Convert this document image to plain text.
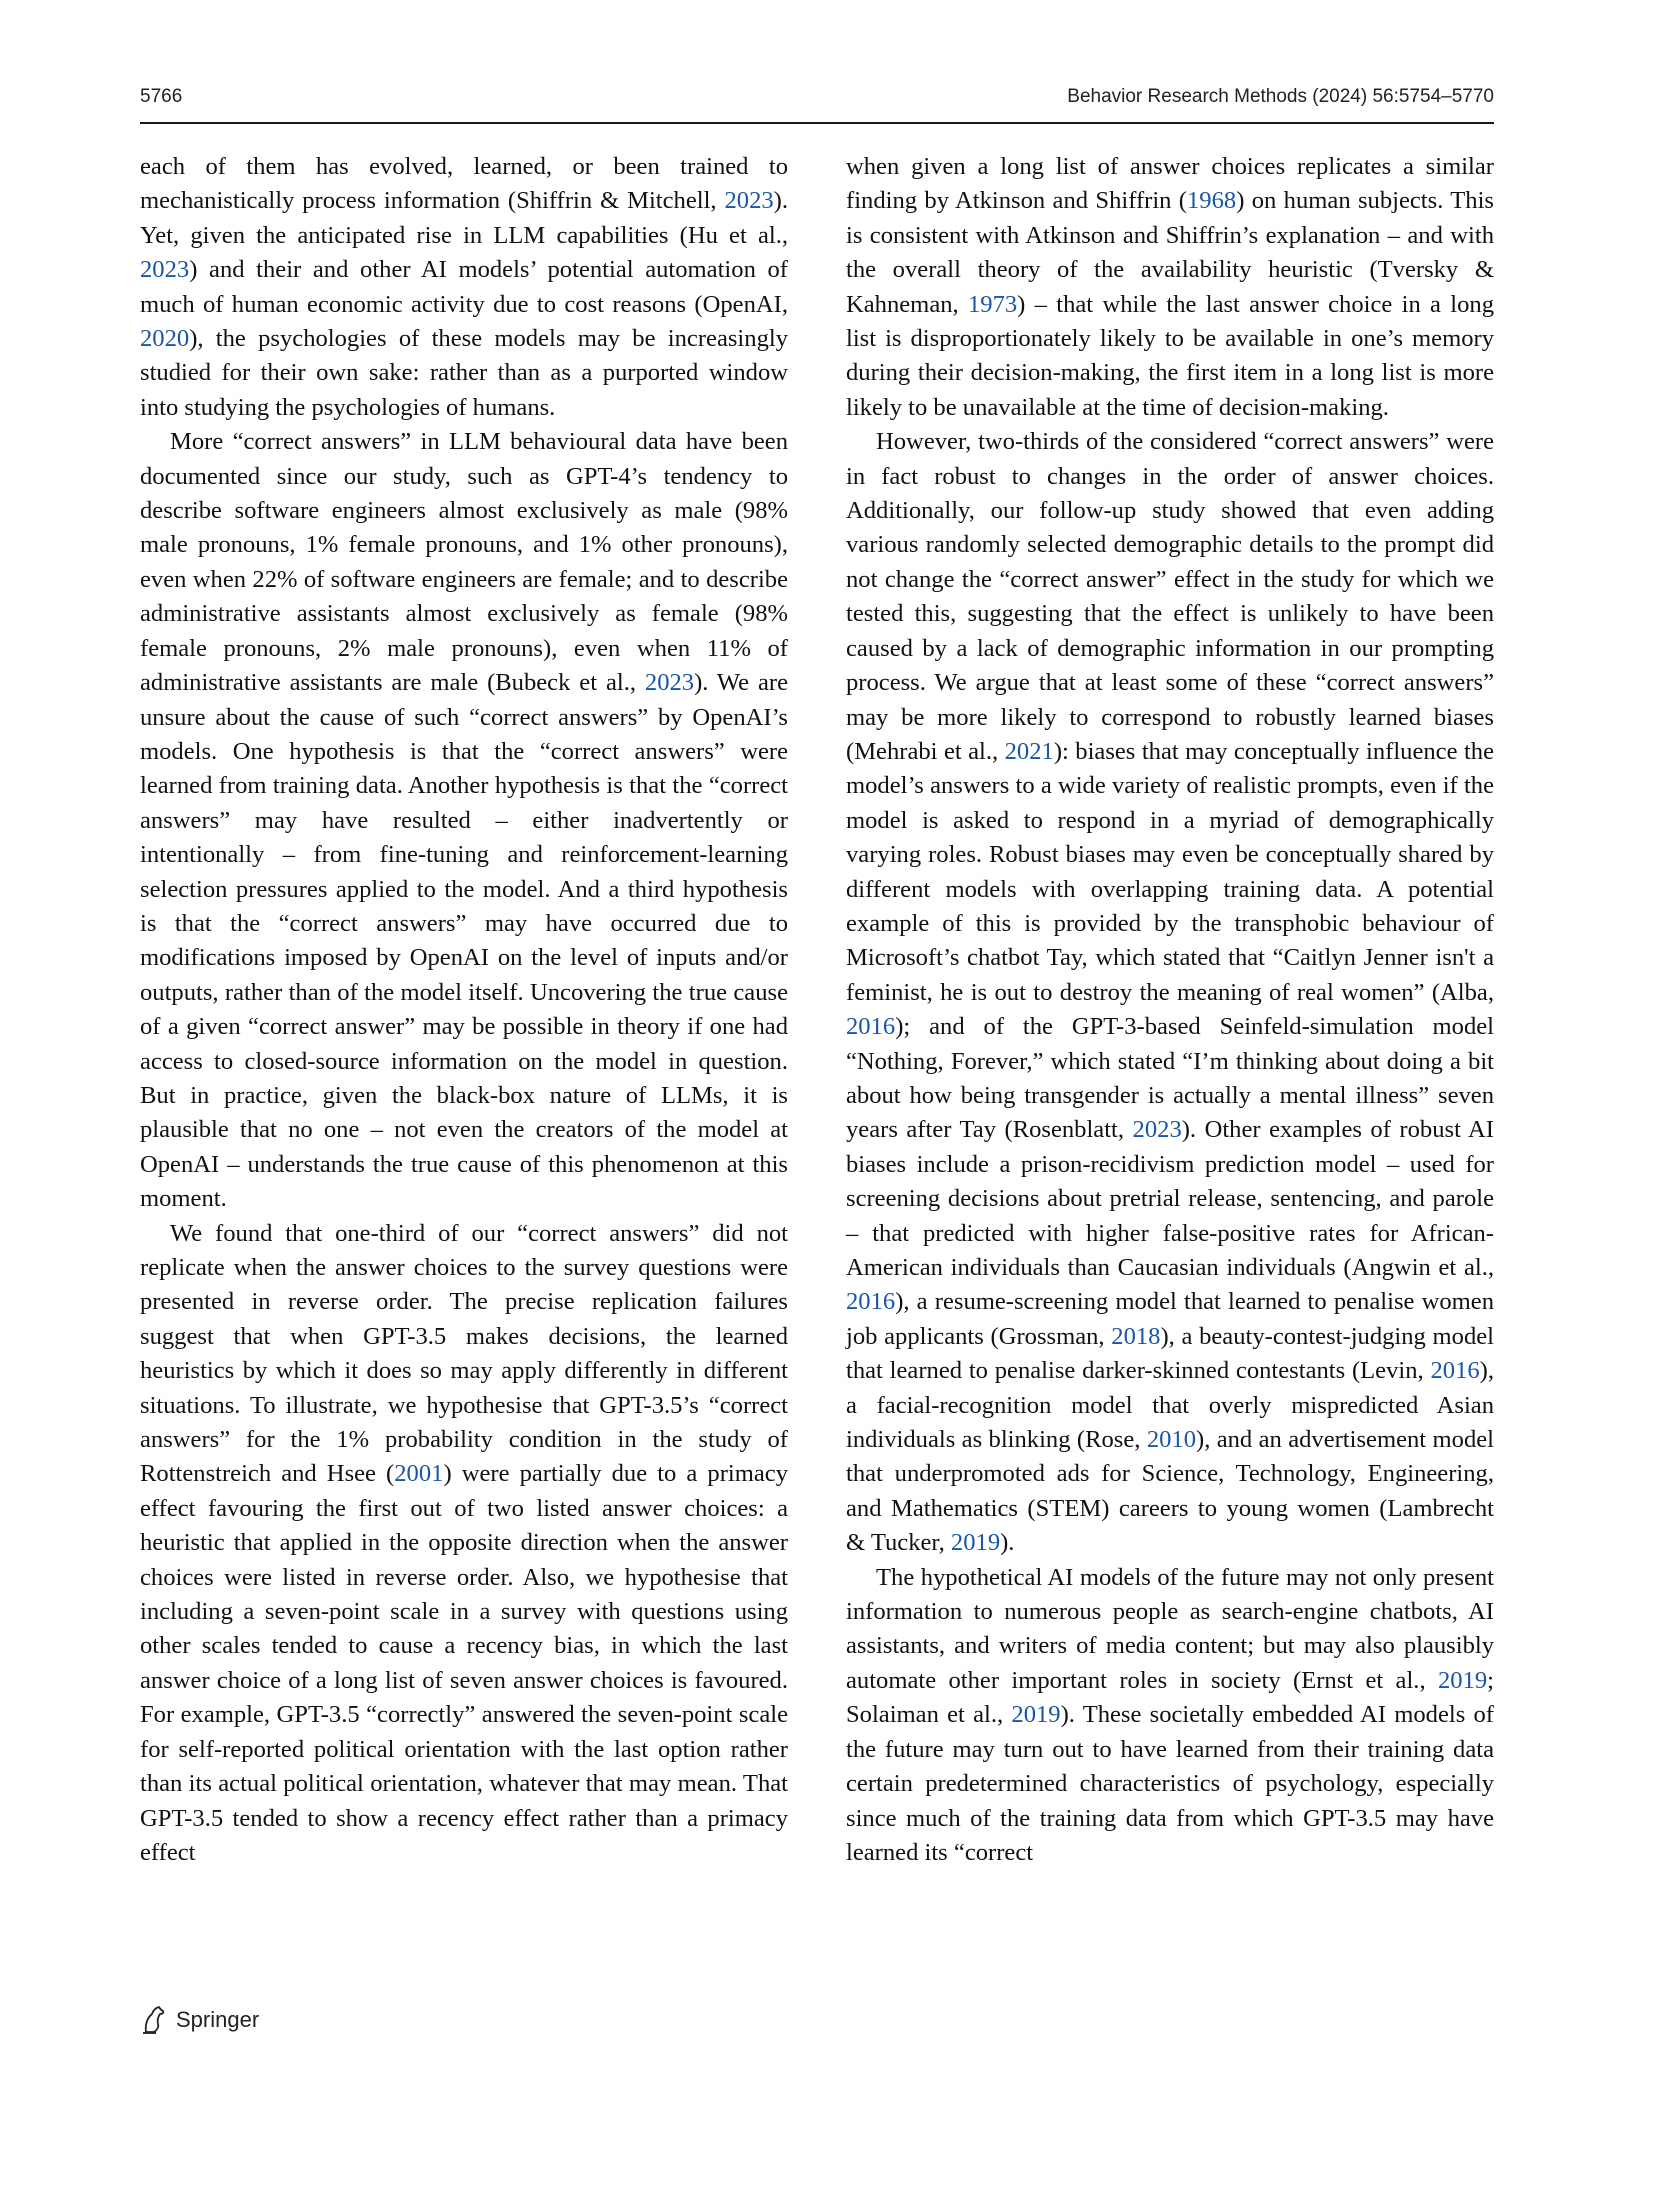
5766	Behavior Research Methods (2024) 56:5754–5770

each of them has evolved, learned, or been trained to mechanistically process information (Shiffrin & Mitchell, 2023). Yet, given the anticipated rise in LLM capabilities (Hu et al., 2023) and their and other AI models’ potential automation of much of human economic activity due to cost reasons (OpenAI, 2020), the psychologies of these models may be increasingly studied for their own sake: rather than as a purported window into studying the psychologies of humans.

More “correct answers” in LLM behavioural data have been documented since our study, such as GPT-4’s tendency to describe software engineers almost exclusively as male (98% male pronouns, 1% female pronouns, and 1% other pronouns), even when 22% of software engineers are female; and to describe administrative assistants almost exclusively as female (98% female pronouns, 2% male pronouns), even when 11% of administrative assistants are male (Bubeck et al., 2023). We are unsure about the cause of such “correct answers” by OpenAI’s models. One hypothesis is that the “correct answers” were learned from training data. Another hypothesis is that the “correct answers” may have resulted – either inadvertently or intentionally – from fine-tuning and reinforcement-learning selection pressures applied to the model. And a third hypothesis is that the “correct answers” may have occurred due to modifications imposed by OpenAI on the level of inputs and/or outputs, rather than of the model itself. Uncovering the true cause of a given “correct answer” may be possible in theory if one had access to closed-source information on the model in question. But in practice, given the black-box nature of LLMs, it is plausible that no one – not even the creators of the model at OpenAI – understands the true cause of this phenomenon at this moment.

We found that one-third of our “correct answers” did not replicate when the answer choices to the survey questions were presented in reverse order. The precise replication failures suggest that when GPT-3.5 makes decisions, the learned heuristics by which it does so may apply differently in different situations. To illustrate, we hypothesise that GPT-3.5’s “correct answers” for the 1% probability condition in the study of Rottenstreich and Hsee (2001) were partially due to a primacy effect favouring the first out of two listed answer choices: a heuristic that applied in the opposite direction when the answer choices were listed in reverse order. Also, we hypothesise that including a seven-point scale in a survey with questions using other scales tended to cause a recency bias, in which the last answer choice of a long list of seven answer choices is favoured. For example, GPT-3.5 “correctly” answered the seven-point scale for self-reported political orientation with the last option rather than its actual political orientation, whatever that may mean. That GPT-3.5 tended to show a recency effect rather than a primacy effect

when given a long list of answer choices replicates a similar finding by Atkinson and Shiffrin (1968) on human subjects. This is consistent with Atkinson and Shiffrin’s explanation – and with the overall theory of the availability heuristic (Tversky & Kahneman, 1973) – that while the last answer choice in a long list is disproportionately likely to be available in one’s memory during their decision-making, the first item in a long list is more likely to be unavailable at the time of decision-making.

However, two-thirds of the considered “correct answers” were in fact robust to changes in the order of answer choices. Additionally, our follow-up study showed that even adding various randomly selected demographic details to the prompt did not change the “correct answer” effect in the study for which we tested this, suggesting that the effect is unlikely to have been caused by a lack of demographic information in our prompting process. We argue that at least some of these “correct answers” may be more likely to correspond to robustly learned biases (Mehrabi et al., 2021): biases that may conceptually influence the model’s answers to a wide variety of realistic prompts, even if the model is asked to respond in a myriad of demographically varying roles. Robust biases may even be conceptually shared by different models with overlapping training data. A potential example of this is provided by the transphobic behaviour of Microsoft’s chatbot Tay, which stated that “Caitlyn Jenner isn't a feminist, he is out to destroy the meaning of real women” (Alba, 2016); and of the GPT-3-based Seinfeld-simulation model “Nothing, Forever,” which stated “I’m thinking about doing a bit about how being transgender is actually a mental illness” seven years after Tay (Rosenblatt, 2023). Other examples of robust AI biases include a prison-recidivism prediction model – used for screening decisions about pretrial release, sentencing, and parole – that predicted with higher false-positive rates for African-American individuals than Caucasian individuals (Angwin et al., 2016), a resume-screening model that learned to penalise women job applicants (Grossman, 2018), a beauty-contest-judging model that learned to penalise darker-skinned contestants (Levin, 2016), a facial-recognition model that overly mispredicted Asian individuals as blinking (Rose, 2010), and an advertisement model that underpromoted ads for Science, Technology, Engineering, and Mathematics (STEM) careers to young women (Lambrecht & Tucker, 2019).

The hypothetical AI models of the future may not only present information to numerous people as search-engine chatbots, AI assistants, and writers of media content; but may also plausibly automate other important roles in society (Ernst et al., 2019; Solaiman et al., 2019). These societally embedded AI models of the future may turn out to have learned from their training data certain predetermined characteristics of psychology, especially since much of the training data from which GPT-3.5 may have learned its “correct

Springer
